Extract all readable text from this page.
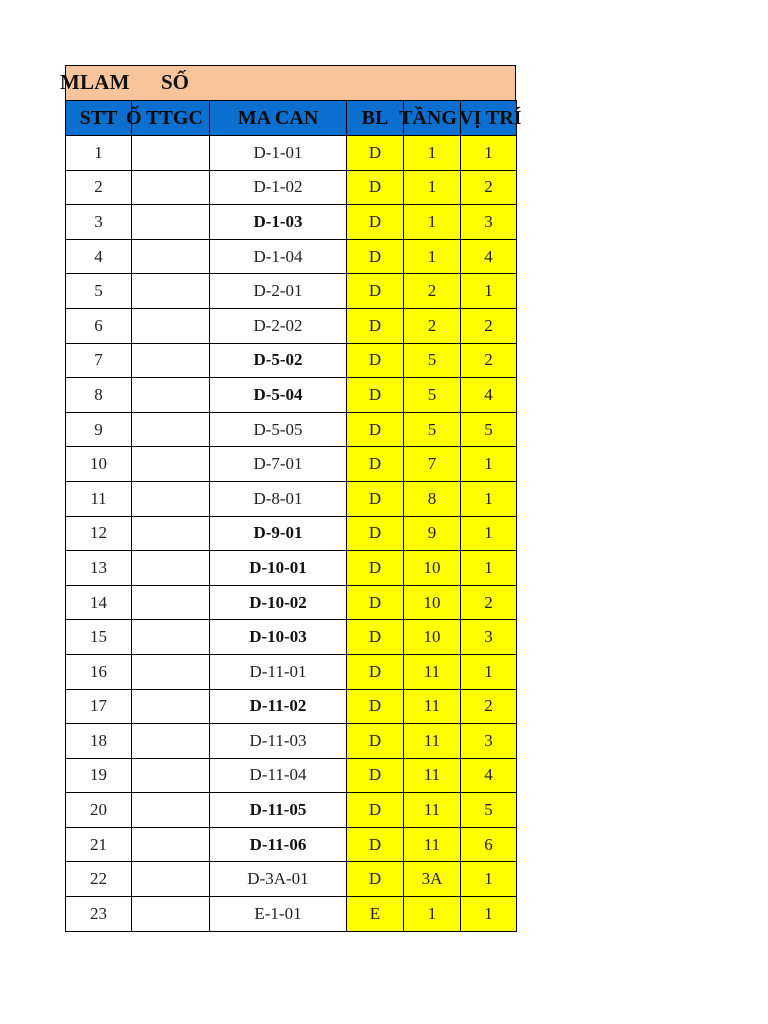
MLAM SỐ
STT	Ố TTGC	MA CAN	BL	TẦNG	VỊ TRÍ

1		D-1-01	D	1	1
2		D-1-02	D	1	2
3		D-1-03	D	1	3
4		D-1-04	D	1	4
5		D-2-01	D	2	1
6		D-2-02	D	2	2
7		D-5-02	D	5	2
8		D-5-04	D	5	4
9		D-5-05	D	5	5
10		D-7-01	D	7	1
11		D-8-01	D	8	1
12		D-9-01	D	9	1
13		D-10-01	D	10	1
14		D-10-02	D	10	2
15		D-10-03	D	10	3
16		D-11-01	D	11	1
17		D-11-02	D	11	2
18		D-11-03	D	11	3
19		D-11-04	D	11	4
20		D-11-05	D	11	5
21		D-11-06	D	11	6
22		D-3A-01	D	3A	1
23		E-1-01	E	1	1
